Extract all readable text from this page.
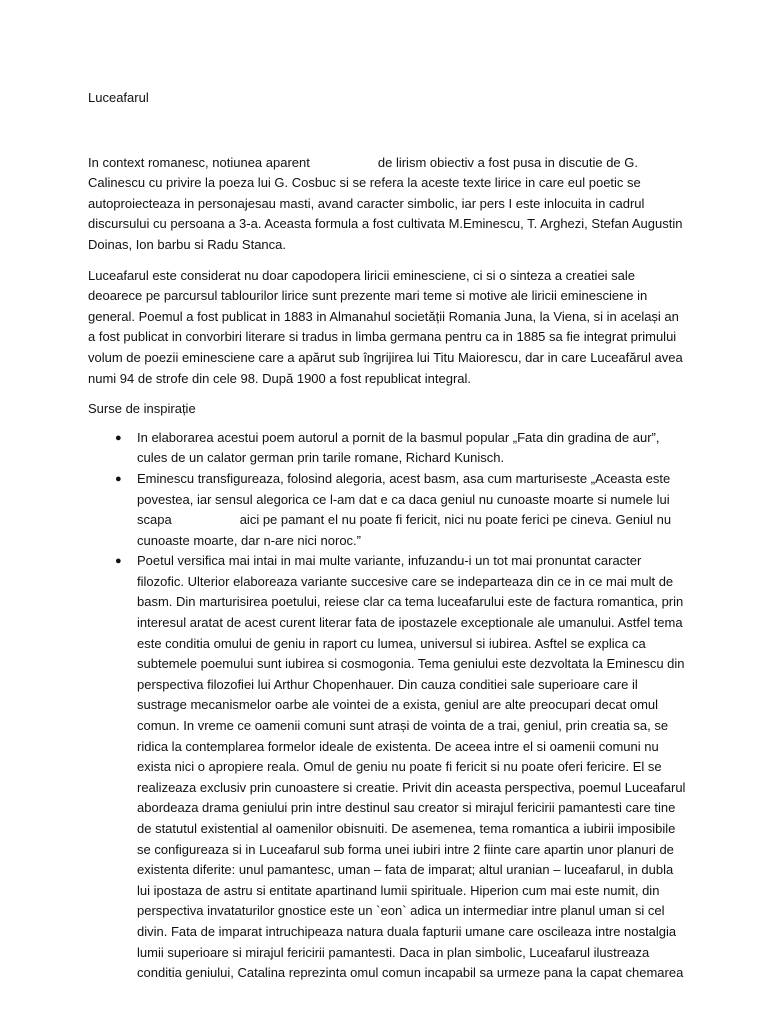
Luceafarul

In context romanesc, notiunea aparent	de lirism obiectiv a fost pusa in discutie de G. Calinescu cu privire la poeza lui G. Cosbuc si se refera la aceste texte lirice in care eul poetic se autoproiecteaza in personajesau masti, avand caracter simbolic, iar pers I este inlocuita in cadrul discursului cu persoana a 3-a. Aceasta formula a fost cultivata M.Eminescu, T. Arghezi, Stefan Augustin Doinas, Ion barbu si Radu Stanca.

Luceafarul este considerat nu doar capodopera liricii eminesciene, ci si o sinteza a creatiei sale deoarece pe parcursul tablourilor lirice sunt prezente mari teme si motive ale liricii eminesciene in general. Poemul a fost publicat in 1883 in Almanahul societății Romania Juna, la Viena, si in același an a fost publicat in convorbiri literare si tradus in limba germana pentru ca in 1885 sa fie integrat primului volum de poezii eminesciene care a apărut sub îngrijirea lui Titu Maiorescu, dar in care Luceafărul avea numi 94 de strofe din cele 98. După 1900 a fost republicat integral.

Surse de inspirație

● In elaborarea acestui poem autorul a pornit de la basmul popular „Fata din gradina de aur”, cules de un calator german prin tarile romane, Richard Kunisch.
● Eminescu transfigureaza, folosind alegoria, acest basm, asa cum marturiseste „Aceasta este povestea, iar sensul alegorica ce l-am dat e ca daca geniul nu cunoaste moarte si numele lui scapa	aici pe pamant el nu poate fi fericit, nici nu poate ferici pe cineva. Geniul nu cunoaste moarte, dar n-are nici noroc.”
● Poetul versifica mai intai in mai multe variante, infuzandu-i un tot mai pronuntat caracter filozofic. Ulterior elaboreaza variante succesive care se indeparteaza din ce in ce mai mult de basm. Din marturisirea poetului, reiese clar ca tema luceafarului este de factura romantica, prin interesul aratat de acest curent literar fata de ipostazele exceptionale ale umanului. Astfel tema este conditia omului de geniu in raport cu lumea, universul si iubirea. Asftel se explica ca subtemele poemului sunt iubirea si cosmogonia. Tema geniului este dezvoltata la Eminescu din perspectiva filozofiei lui Arthur Chopenhauer. Din cauza conditiei sale superioare care il sustrage mecanismelor oarbe ale vointei de a exista, geniul are alte preocupari decat omul comun. In vreme ce oamenii comuni sunt atrași de vointa de a trai, geniul, prin creatia sa, se ridica la contemplarea formelor ideale de existenta. De aceea intre el si oamenii comuni nu exista nici o apropiere reala. Omul de geniu nu poate fi fericit si nu poate oferi fericire. El se realizeaza exclusiv prin cunoastere si creatie. Privit din aceasta perspectiva, poemul Luceafarul abordeaza drama geniului prin intre destinul sau creator si mirajul fericirii pamantesti care tine de statutul existential al oamenilor obisnuiti. De asemenea, tema romantica a iubirii imposibile se configureaza si in Luceafarul sub forma unei iubiri intre 2 fiinte care apartin unor planuri de existenta diferite: unul pamantesc, uman – fata de imparat; altul uranian – luceafarul, in dubla lui ipostaza de astru si entitate apartinand lumii spirituale. Hiperion cum mai este numit, din perspectiva invataturilor gnostice este un `eon` adica un intermediar intre planul uman si cel divin. Fata de imparat intruchipeaza natura duala fapturii umane care oscileaza intre nostalgia lumii superioare si mirajul fericirii pamantesti. Daca in plan simbolic, Luceafarul ilustreaza conditia geniului, Catalina reprezinta omul comun incapabil sa urmeze pana la capat chemarea
